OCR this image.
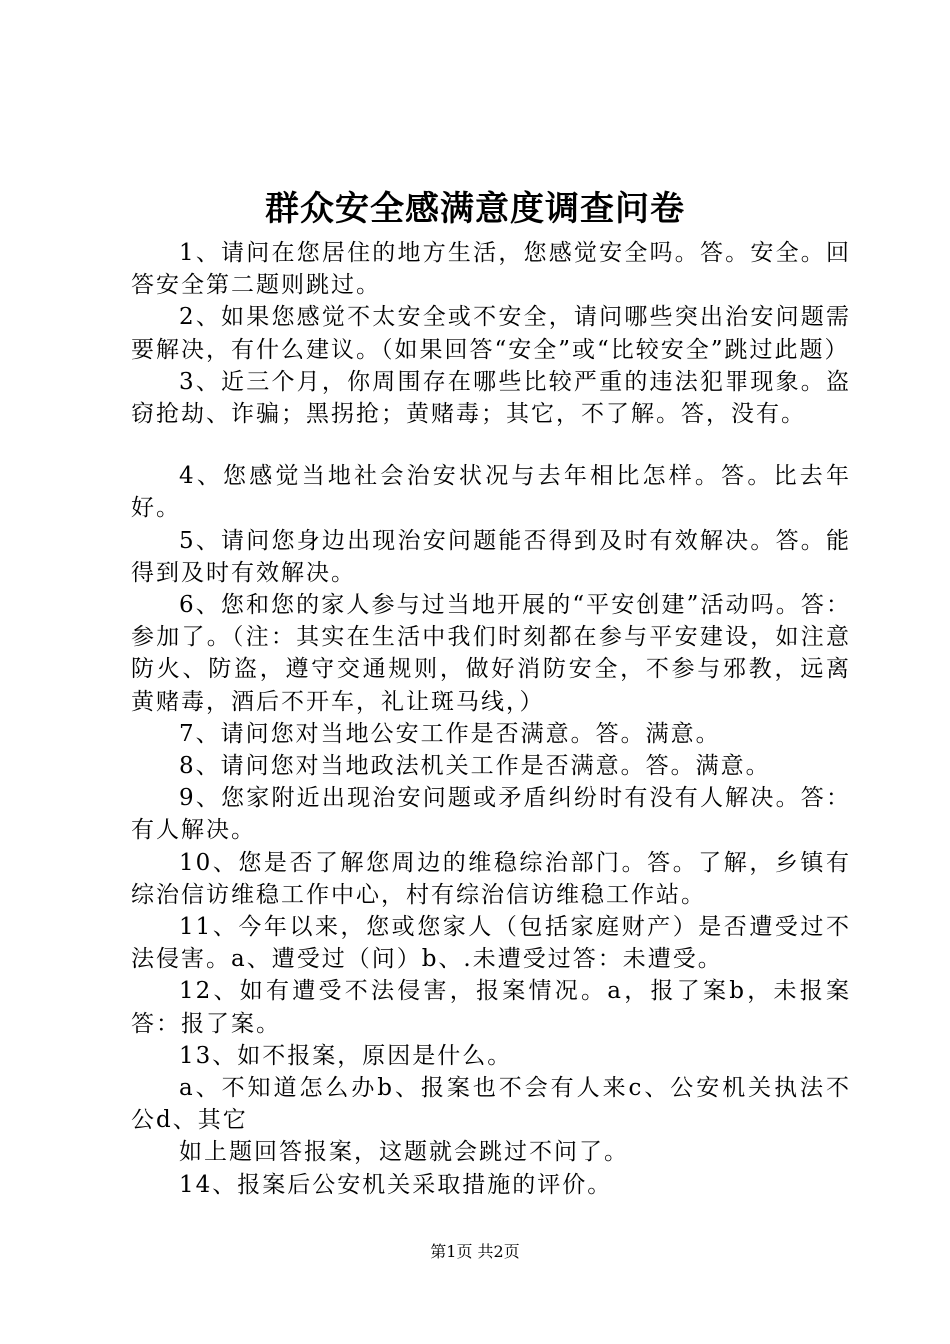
群众安全感满意度调查问卷

1、请问在您居住的地方生活，您感觉安全吗。答。安全。回答安全第二题则跳过。

2、如果您感觉不太安全或不安全，请问哪些突出治安问题需要解决，有什么建议。（如果回答“安全”或“比较安全”跳过此题）

3、近三个月，你周围存在哪些比较严重的违法犯罪现象。盗窃抢劫、诈骗；黑拐抢；黄赌毒；其它，不了解。答，没有。

4、您感觉当地社会治安状况与去年相比怎样。答。比去年好。

5、请问您身边出现治安问题能否得到及时有效解决。答。能得到及时有效解决。

6、您和您的家人参与过当地开展的“平安创建”活动吗。答：参加了。（注：其实在生活中我们时刻都在参与平安建设，如注意防火、防盗，遵守交通规则，做好消防安全，不参与邪教，远离黄赌毒，酒后不开车，礼让斑马线，）

7、请问您对当地公安工作是否满意。答。满意。

8、请问您对当地政法机关工作是否满意。答。满意。

9、您家附近出现治安问题或矛盾纠纷时有没有人解决。答：有人解决。

10、您是否了解您周边的维稳综治部门。答。了解，乡镇有综治信访维稳工作中心，村有综治信访维稳工作站。

11、今年以来，您或您家人（包括家庭财产）是否遭受过不法侵害。a、遭受过（问）b、.未遭受过答：未遭受。

12、如有遭受不法侵害，报案情况。a，报了案b，未报案答：报了案。

13、如不报案，原因是什么。

a、不知道怎么办b、报案也不会有人来c、公安机关执法不公d、其它

如上题回答报案，这题就会跳过不问了。

14、报案后公安机关采取措施的评价。

第1页 共2页
